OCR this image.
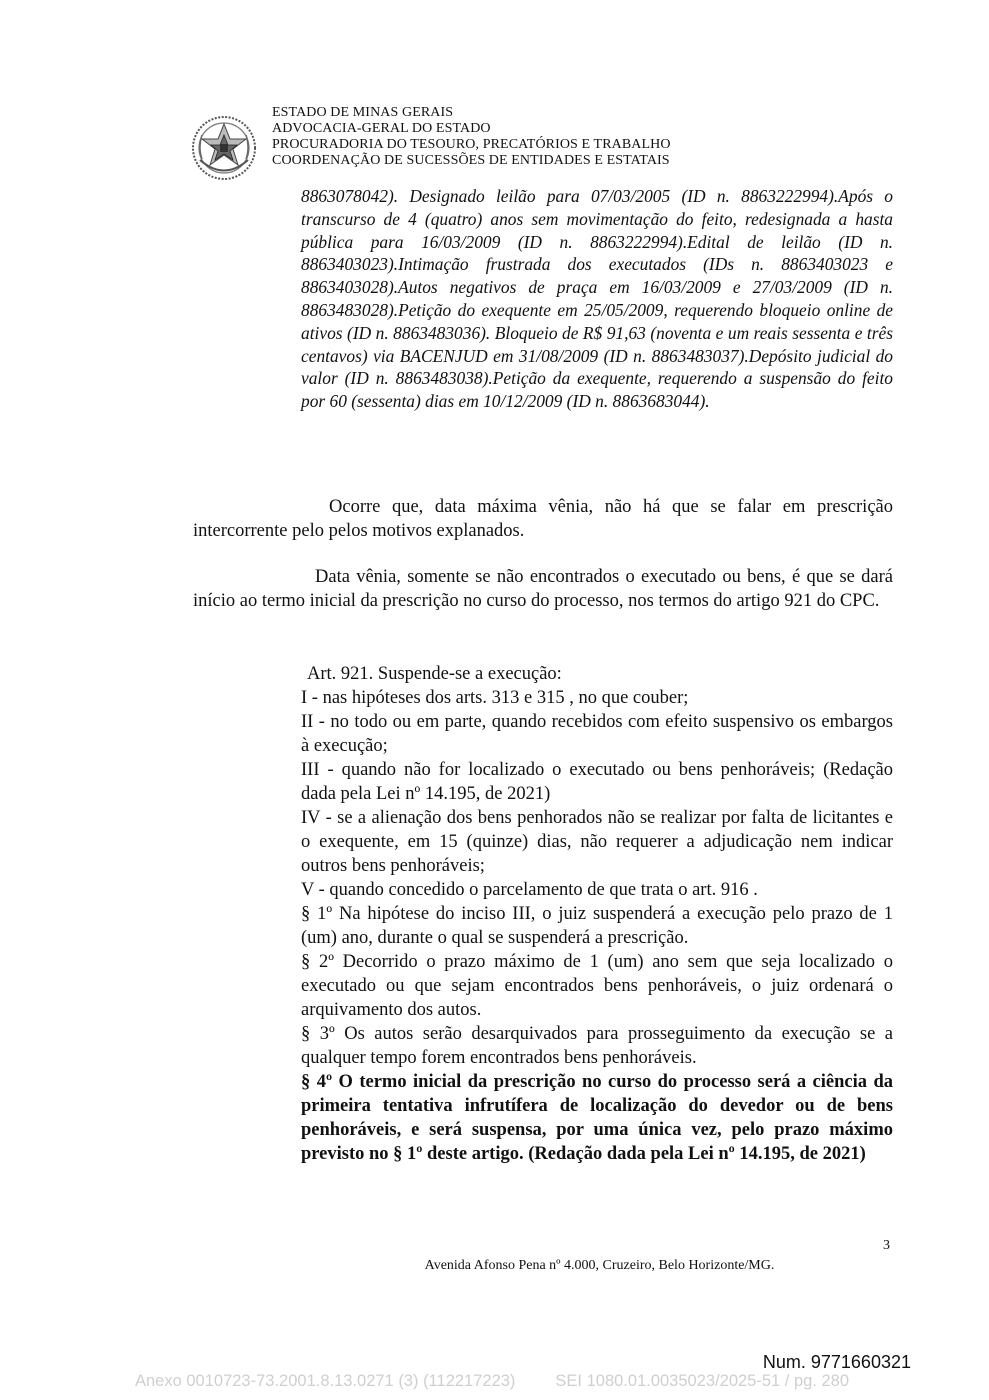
ESTADO DE MINAS GERAIS
ADVOCACIA-GERAL DO ESTADO
PROCURADORIA DO TESOURO, PRECATÓRIOS E TRABALHO
COORDENAÇÃO DE SUCESSÕES DE ENTIDADES E ESTATAIS

8863078042). Designado leilão para 07/03/2005 (ID n. 8863222994).Após o transcurso de 4 (quatro) anos sem movimentação do feito, redesignada a hasta pública para 16/03/2009 (ID n. 8863222994).Edital de leilão (ID n. 8863403023).Intimação frustrada dos executados (IDs n. 8863403023 e 8863403028).Autos negativos de praça em 16/03/2009 e 27/03/2009 (ID n. 8863483028).Petição do exequente em 25/05/2009, requerendo bloqueio online de ativos (ID n. 8863483036). Bloqueio de R$ 91,63 (noventa e um reais sessenta e três centavos) via BACENJUD em 31/08/2009 (ID n. 8863483037).Depósito judicial do valor (ID n. 8863483038).Petição da exequente, requerendo a suspensão do feito por 60 (sessenta) dias em 10/12/2009 (ID n. 8863683044).

Ocorre que, data máxima vênia, não há que se falar em prescrição intercorrente pelo pelos motivos explanados.

Data vênia, somente se não encontrados o executado ou bens, é que se dará início ao termo inicial da prescrição no curso do processo, nos termos do artigo 921 do CPC.

Art. 921. Suspende-se a execução:
I - nas hipóteses dos arts. 313 e 315 , no que couber;
II - no todo ou em parte, quando recebidos com efeito suspensivo os embargos à execução;
III - quando não for localizado o executado ou bens penhoráveis; (Redação dada pela Lei nº 14.195, de 2021)
IV - se a alienação dos bens penhorados não se realizar por falta de licitantes e o exequente, em 15 (quinze) dias, não requerer a adjudicação nem indicar outros bens penhoráveis;
V - quando concedido o parcelamento de que trata o art. 916 .
§ 1º Na hipótese do inciso III, o juiz suspenderá a execução pelo prazo de 1 (um) ano, durante o qual se suspenderá a prescrição.
§ 2º Decorrido o prazo máximo de 1 (um) ano sem que seja localizado o executado ou que sejam encontrados bens penhoráveis, o juiz ordenará o arquivamento dos autos.
§ 3º Os autos serão desarquivados para prosseguimento da execução se a qualquer tempo forem encontrados bens penhoráveis.
§ 4º O termo inicial da prescrição no curso do processo será a ciência da primeira tentativa infrutífera de localização do devedor ou de bens penhoráveis, e será suspensa, por uma única vez, pelo prazo máximo previsto no § 1º deste artigo. (Redação dada pela Lei nº 14.195, de 2021)
3
Avenida Afonso Pena nº 4.000, Cruzeiro, Belo Horizonte/MG.
Num. 9771660321
Anexo 0010723-73.2001.8.13.0271 (3) (112217223) SEI 1080.01.0035023/2025-51 / pg. 280
